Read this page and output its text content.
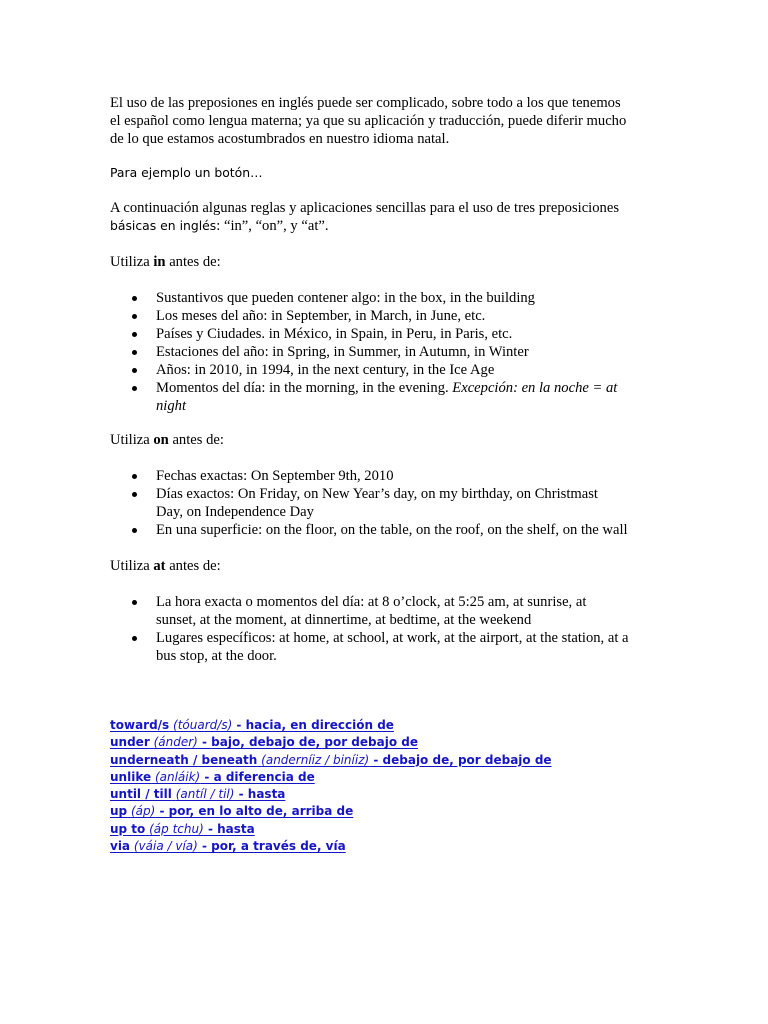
El uso de las preposiones en inglés puede ser complicado, sobre todo a los que tenemos
el español como lengua materna; ya que su aplicación y traducción, puede diferir mucho
de lo que estamos acostumbrados en nuestro idioma natal.

Para ejemplo un botón…

A continuación algunas reglas y aplicaciones sencillas para el uso de tres preposiciones
básicas en inglés: “in”, “on”, y “at”.

Utiliza in antes de:

Sustantivos que pueden contener algo: in the box, in the building
Los meses del año: in September, in March, in June, etc.
Países y Ciudades. in México, in Spain, in Peru, in Paris, etc.
Estaciones del año: in Spring, in Summer, in Autumn, in Winter
Años: in 2010, in 1994, in the next century, in the Ice Age
Momentos del día: in the morning, in the evening. Excepción: en la noche = at
night

Utiliza on antes de:

Fechas exactas: On September 9th, 2010
Días exactos: On Friday, on New Year’s day, on my birthday, on Christmast
Day, on Independence Day
En una superficie: on the floor, on the table, on the roof, on the shelf, on the wall

Utiliza at antes de:

La hora exacta o momentos del día: at 8 o’clock, at 5:25 am, at sunrise, at
sunset, at the moment, at dinnertime, at bedtime, at the weekend
Lugares específicos: at home, at school, at work, at the airport, at the station, at a
bus stop, at the door.
toward/s (tóuard/s) - hacia, en dirección de
under (ánder) - bajo, debajo de, por debajo de
underneath / beneath (anderníiz / biníiz) - debajo de, por debajo de
unlike (anláik) - a diferencia de
until / till (antíl / til) - hasta
up (áp) - por, en lo alto de, arriba de
up to (áp tchu) - hasta
via (váia / vía) - por, a través de, vía
